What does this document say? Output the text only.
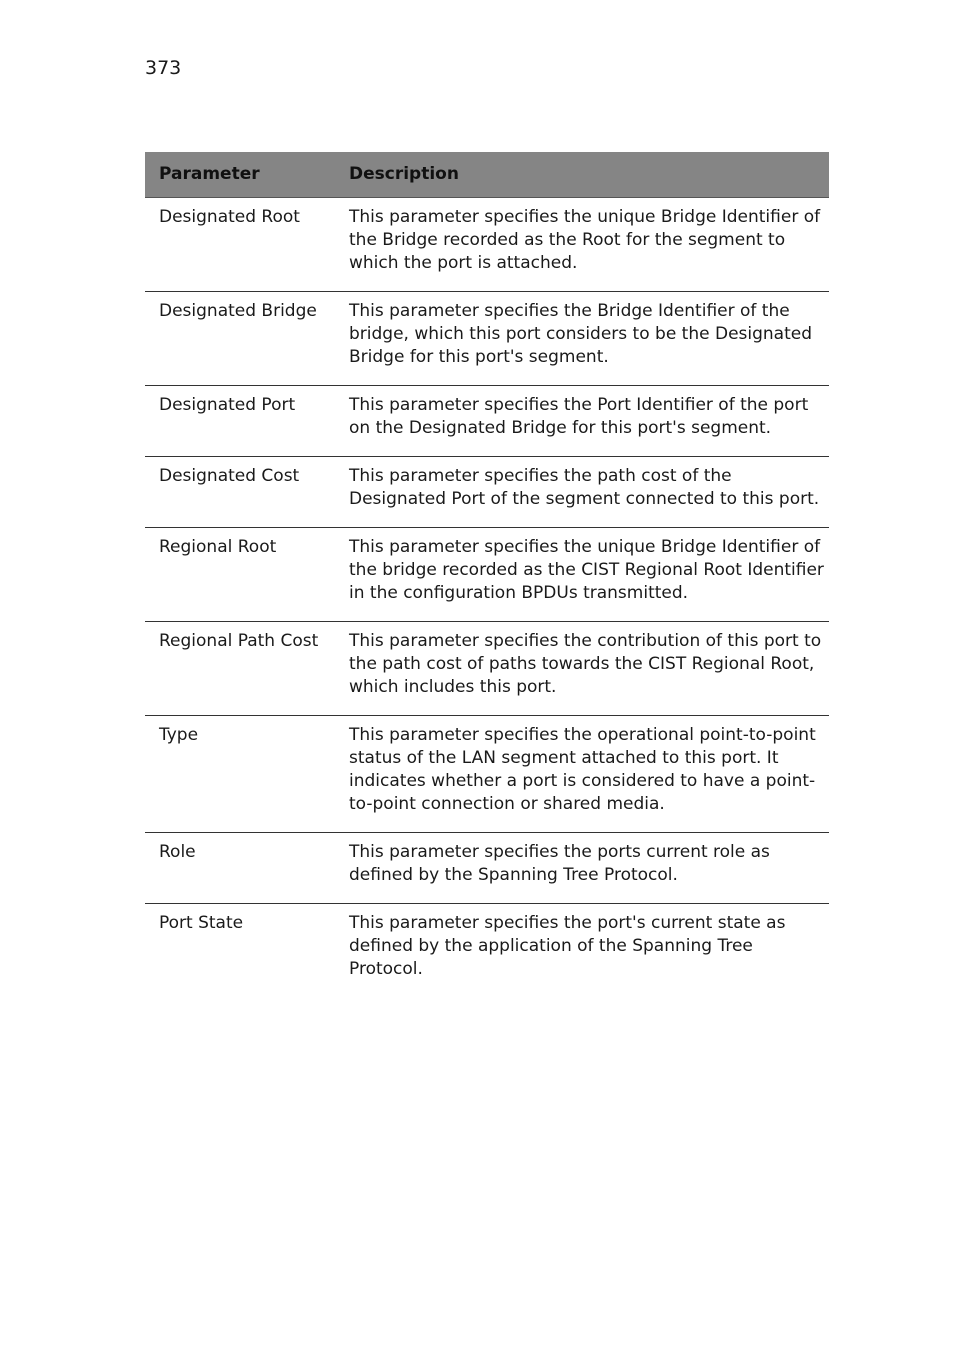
373
Parameter	Description
Designated Root	This parameter specifies the unique Bridge Identifier of the Bridge recorded as the Root for the segment to which the port is attached.
Designated Bridge	This parameter specifies the Bridge Identifier of the bridge, which this port considers to be the Designated Bridge for this port's segment.
Designated Port	This parameter specifies the Port Identifier of the port on the Designated Bridge for this port's segment.
Designated Cost	This parameter specifies the path cost of the Designated Port of the segment connected to this port.
Regional Root	This parameter specifies the unique Bridge Identifier of the bridge recorded as the CIST Regional Root Identifier in the configuration BPDUs transmitted.
Regional Path Cost	This parameter specifies the contribution of this port to the path cost of paths towards the CIST Regional Root, which includes this port.
Type	This parameter specifies the operational point-to-point status of the LAN segment attached to this port. It indicates whether a port is considered to have a point-to-point connection or shared media.
Role	This parameter specifies the ports current role as defined by the Spanning Tree Protocol.
Port State	This parameter specifies the port's current state as defined by the application of the Spanning Tree Protocol.
